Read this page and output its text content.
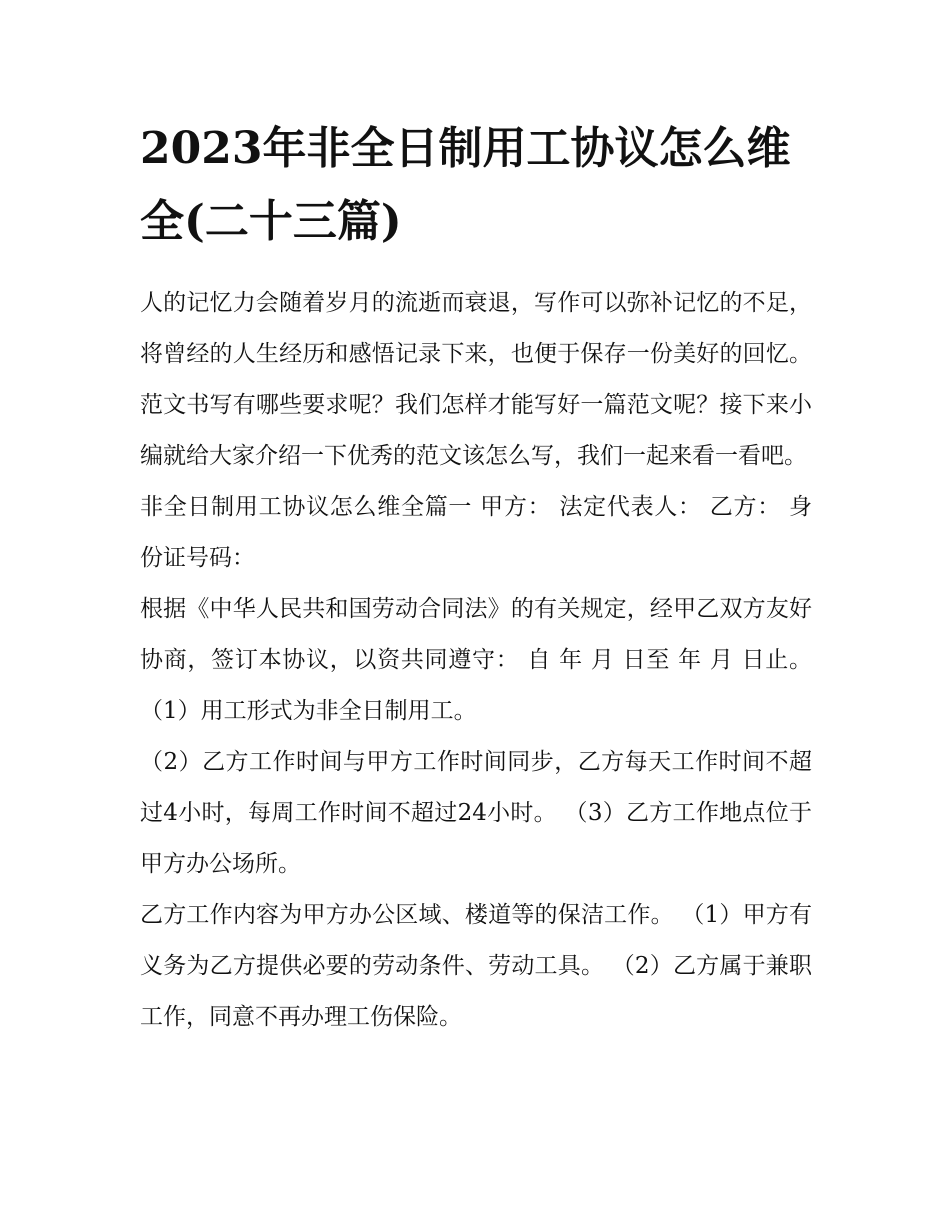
2023年非全日制用工协议怎么维全(二十三篇)

人的记忆力会随着岁月的流逝而衰退，写作可以弥补记忆的不足，将曾经的人生经历和感悟记录下来，也便于保存一份美好的回忆。范文书写有哪些要求呢？我们怎样才能写好一篇范文呢？接下来小编就给大家介绍一下优秀的范文该怎么写，我们一起来看一看吧。

非全日制用工协议怎么维全篇一 甲方： 法定代表人： 乙方： 身份证号码：

根据《中华人民共和国劳动合同法》的有关规定，经甲乙双方友好协商，签订本协议，以资共同遵守： 自 年 月 日至 年 月 日止。 （1）用工形式为非全日制用工。

（2）乙方工作时间与甲方工作时间同步，乙方每天工作时间不超过4小时，每周工作时间不超过24小时。 （3）乙方工作地点位于甲方办公场所。

乙方工作内容为甲方办公区域、楼道等的保洁工作。 （1）甲方有义务为乙方提供必要的劳动条件、劳动工具。 （2）乙方属于兼职工作，同意不再办理工伤保险。
